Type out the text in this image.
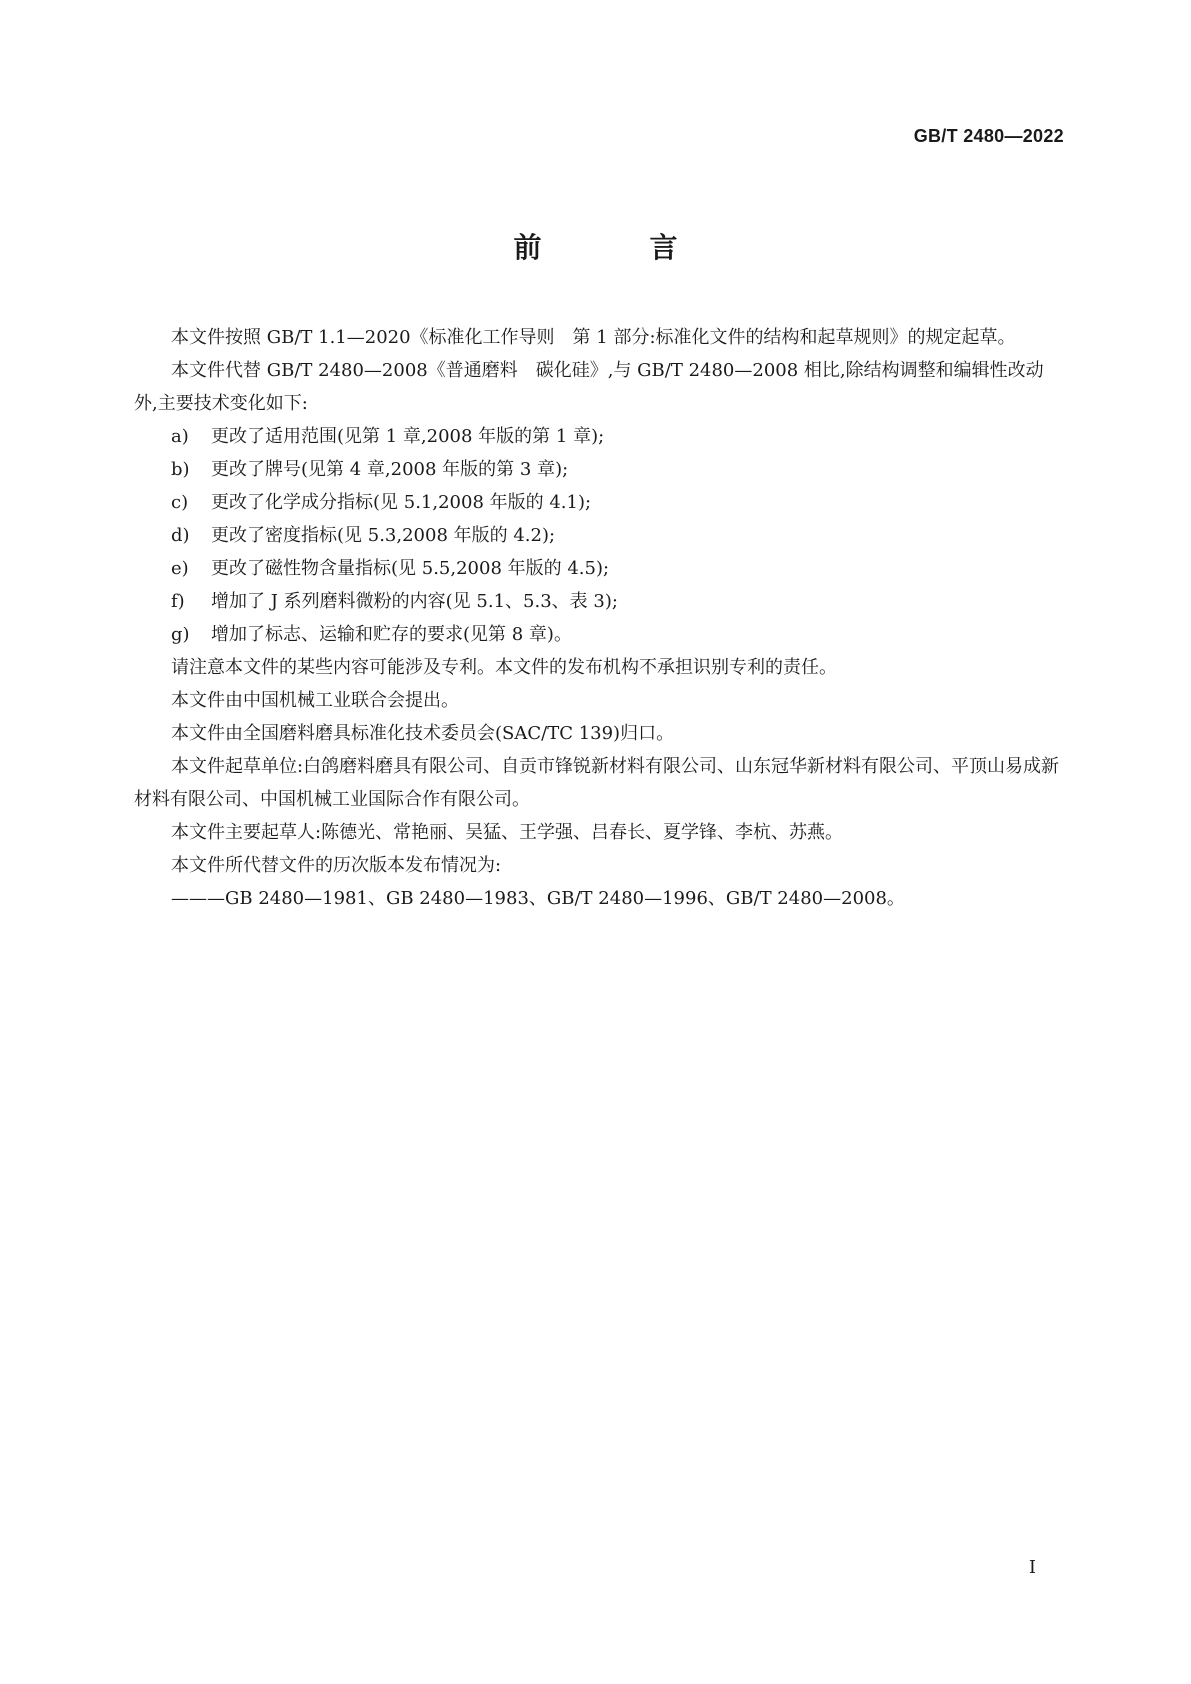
GB/T 2480—2022
前　言

本文件按照 GB/T 1.1—2020《标准化工作导则　第 1 部分:标准化文件的结构和起草规则》的规定起草。

本文件代替 GB/T 2480—2008《普通磨料　碳化硅》,与 GB/T 2480—2008 相比,除结构调整和编辑性改动外,主要技术变化如下:

a) 更改了适用范围(见第 1 章,2008 年版的第 1 章);

b) 更改了牌号(见第 4 章,2008 年版的第 3 章);

c) 更改了化学成分指标(见 5.1,2008 年版的 4.1);

d) 更改了密度指标(见 5.3,2008 年版的 4.2);

e) 更改了磁性物含量指标(见 5.5,2008 年版的 4.5);

f) 增加了 J 系列磨料微粉的内容(见 5.1、5.3、表 3);

g) 增加了标志、运输和贮存的要求(见第 8 章)。

请注意本文件的某些内容可能涉及专利。本文件的发布机构不承担识别专利的责任。

本文件由中国机械工业联合会提出。

本文件由全国磨料磨具标准化技术委员会(SAC/TC 139)归口。

本文件起草单位:白鸽磨料磨具有限公司、自贡市锋锐新材料有限公司、山东冠华新材料有限公司、平顶山易成新材料有限公司、中国机械工业国际合作有限公司。

本文件主要起草人:陈德光、常艳丽、吴猛、王学强、吕春长、夏学锋、李杭、苏燕。

本文件所代替文件的历次版本发布情况为:

———GB 2480—1981、GB 2480—1983、GB/T 2480—1996、GB/T 2480—2008。

I
